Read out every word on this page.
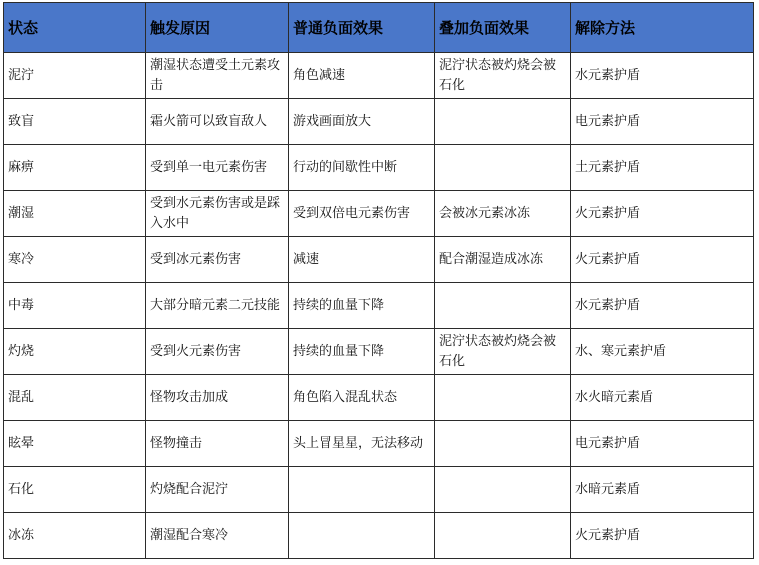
状态	触发原因	普通负面效果	叠加负面效果	解除方法
泥泞	潮湿状态遭受土元素攻击	角色减速	泥泞状态被灼烧会被石化	水元素护盾
致盲	霜火箭可以致盲敌人	游戏画面放大		电元素护盾
麻痹	受到单一电元素伤害	行动的间歇性中断		土元素护盾
潮湿	受到水元素伤害或是踩入水中	受到双倍电元素伤害	会被冰元素冰冻	火元素护盾
寒冷	受到冰元素伤害	减速	配合潮湿造成冰冻	火元素护盾
中毒	大部分暗元素二元技能	持续的血量下降		水元素护盾
灼烧	受到火元素伤害	持续的血量下降	泥泞状态被灼烧会被石化	水、寒元素护盾
混乱	怪物攻击加成	角色陷入混乱状态		水火暗元素盾
眩晕	怪物撞击	头上冒星星，无法移动		电元素护盾
石化	灼烧配合泥泞			水暗元素盾
冰冻	潮湿配合寒冷			火元素护盾
